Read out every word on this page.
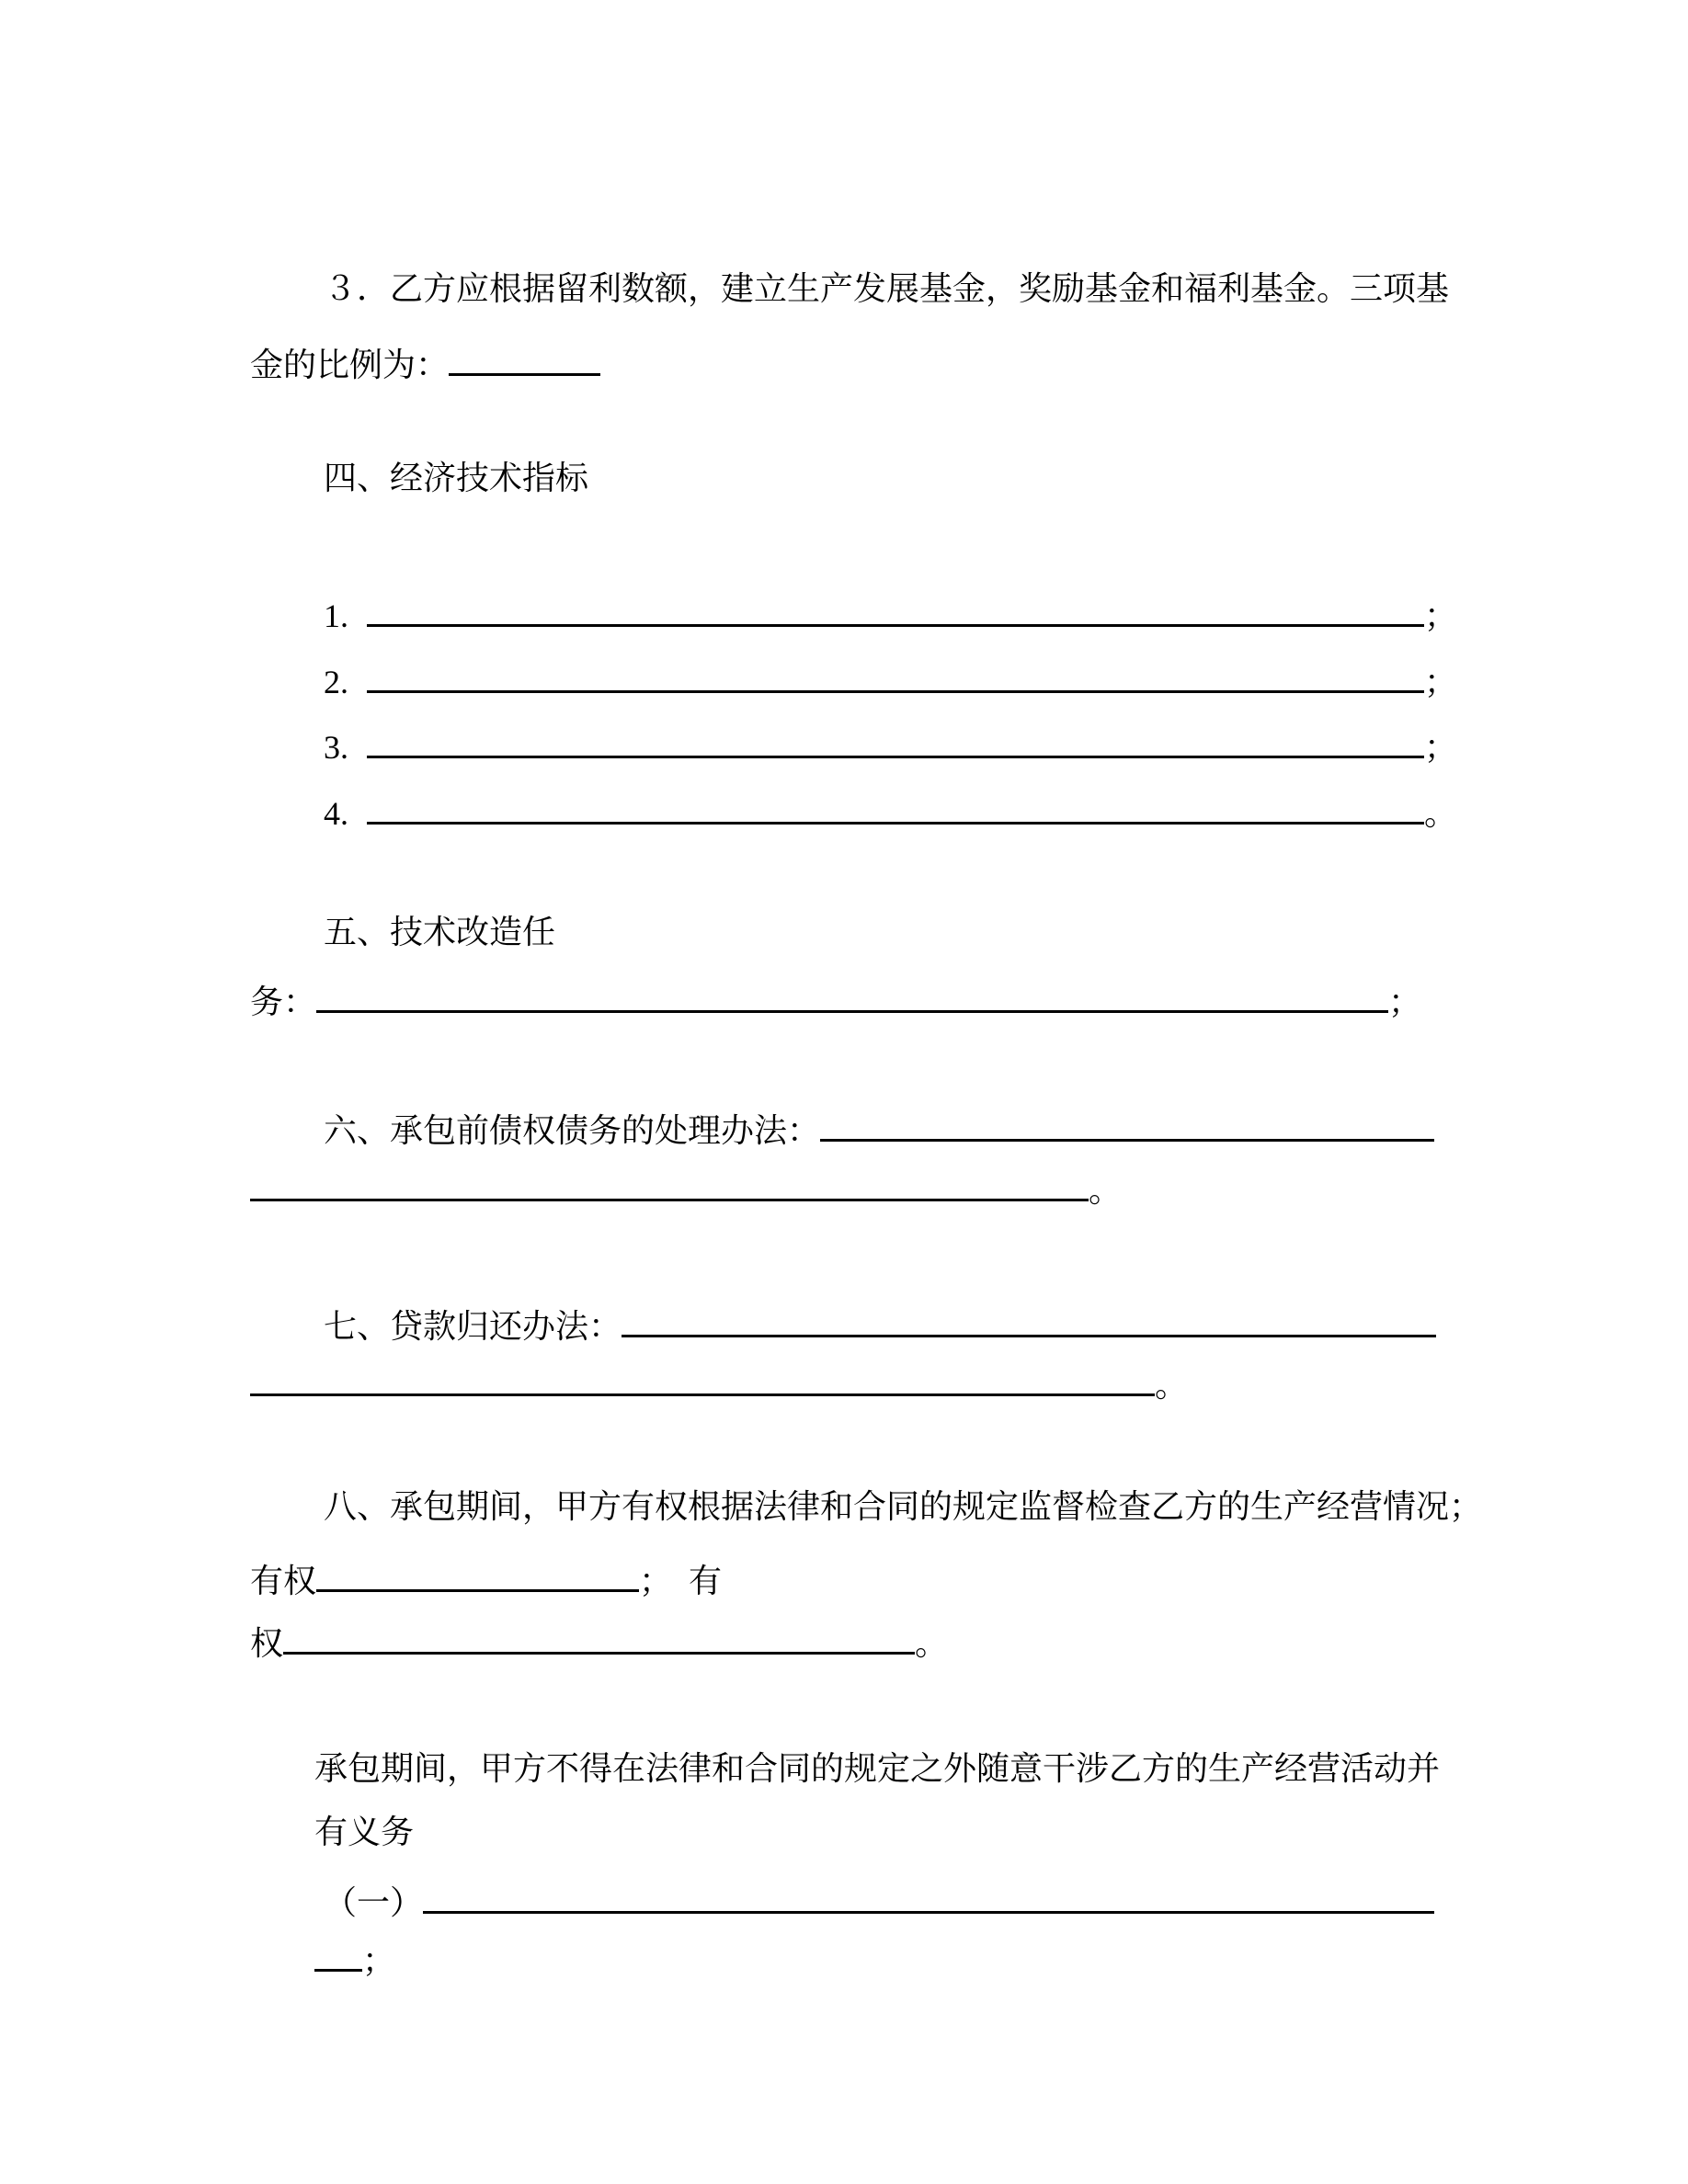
３．乙方应根据留利数额，建立生产发展基金，奖励基金和福利基金。三项基
金的比例为：
四、经济技术指标
1.	；
2.	；
3.	；
4.	。
五、技术改造任
务：	；
六、承包前债权债务的处理办法：
。
七、贷款归还办法：
。
八、承包期间，甲方有权根据法律和合同的规定监督检查乙方的生产经营情况；
有权	；　有
权	。
承包期间，甲方不得在法律和合同的规定之外随意干涉乙方的生产经营活动并
有义务
（一）
；
